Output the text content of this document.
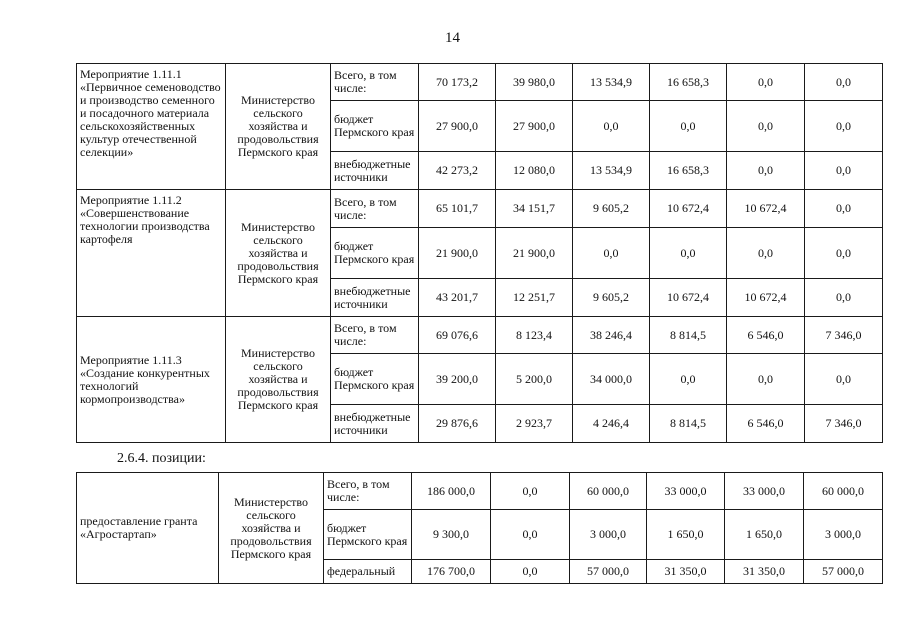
14
Мероприятие 1.11.1 «Первичное семеноводство и производство семенного и посадочного материала сельскохозяйственных культур отечественной селекции»	Министерство сельского хозяйства и продовольствия Пермского края	Всего, в том числе:	70 173,2	39 980,0	13 534,9	16 658,3	0,0	0,0
		бюджет Пермского края	27 900,0	27 900,0	0,0	0,0	0,0	0,0
		внебюджетные источники	42 273,2	12 080,0	13 534,9	16 658,3	0,0	0,0
Мероприятие 1.11.2 «Совершенствование технологии производства картофеля	Министерство сельского хозяйства и продовольствия Пермского края	Всего, в том числе:	65 101,7	34 151,7	9 605,2	10 672,4	10 672,4	0,0
		бюджет Пермского края	21 900,0	21 900,0	0,0	0,0	0,0	0,0
		внебюджетные источники	43 201,7	12 251,7	9 605,2	10 672,4	10 672,4	0,0
Мероприятие 1.11.3 «Создание конкурентных технологий кормопроизводства»	Министерство сельского хозяйства и продовольствия Пермского края	Всего, в том числе:	69 076,6	8 123,4	38 246,4	8 814,5	6 546,0	7 346,0
		бюджет Пермского края	39 200,0	5 200,0	34 000,0	0,0	0,0	0,0
		внебюджетные источники	29 876,6	2 923,7	4 246,4	8 814,5	6 546,0	7 346,0
2.6.4. позиции:
предоставление гранта «Агростартап»	Министерство сельского хозяйства и продовольствия Пермского края	Всего, в том числе:	186 000,0	0,0	60 000,0	33 000,0	33 000,0	60 000,0
		бюджет Пермского края	9 300,0	0,0	3 000,0	1 650,0	1 650,0	3 000,0
		федеральный	176 700,0	0,0	57 000,0	31 350,0	31 350,0	57 000,0
